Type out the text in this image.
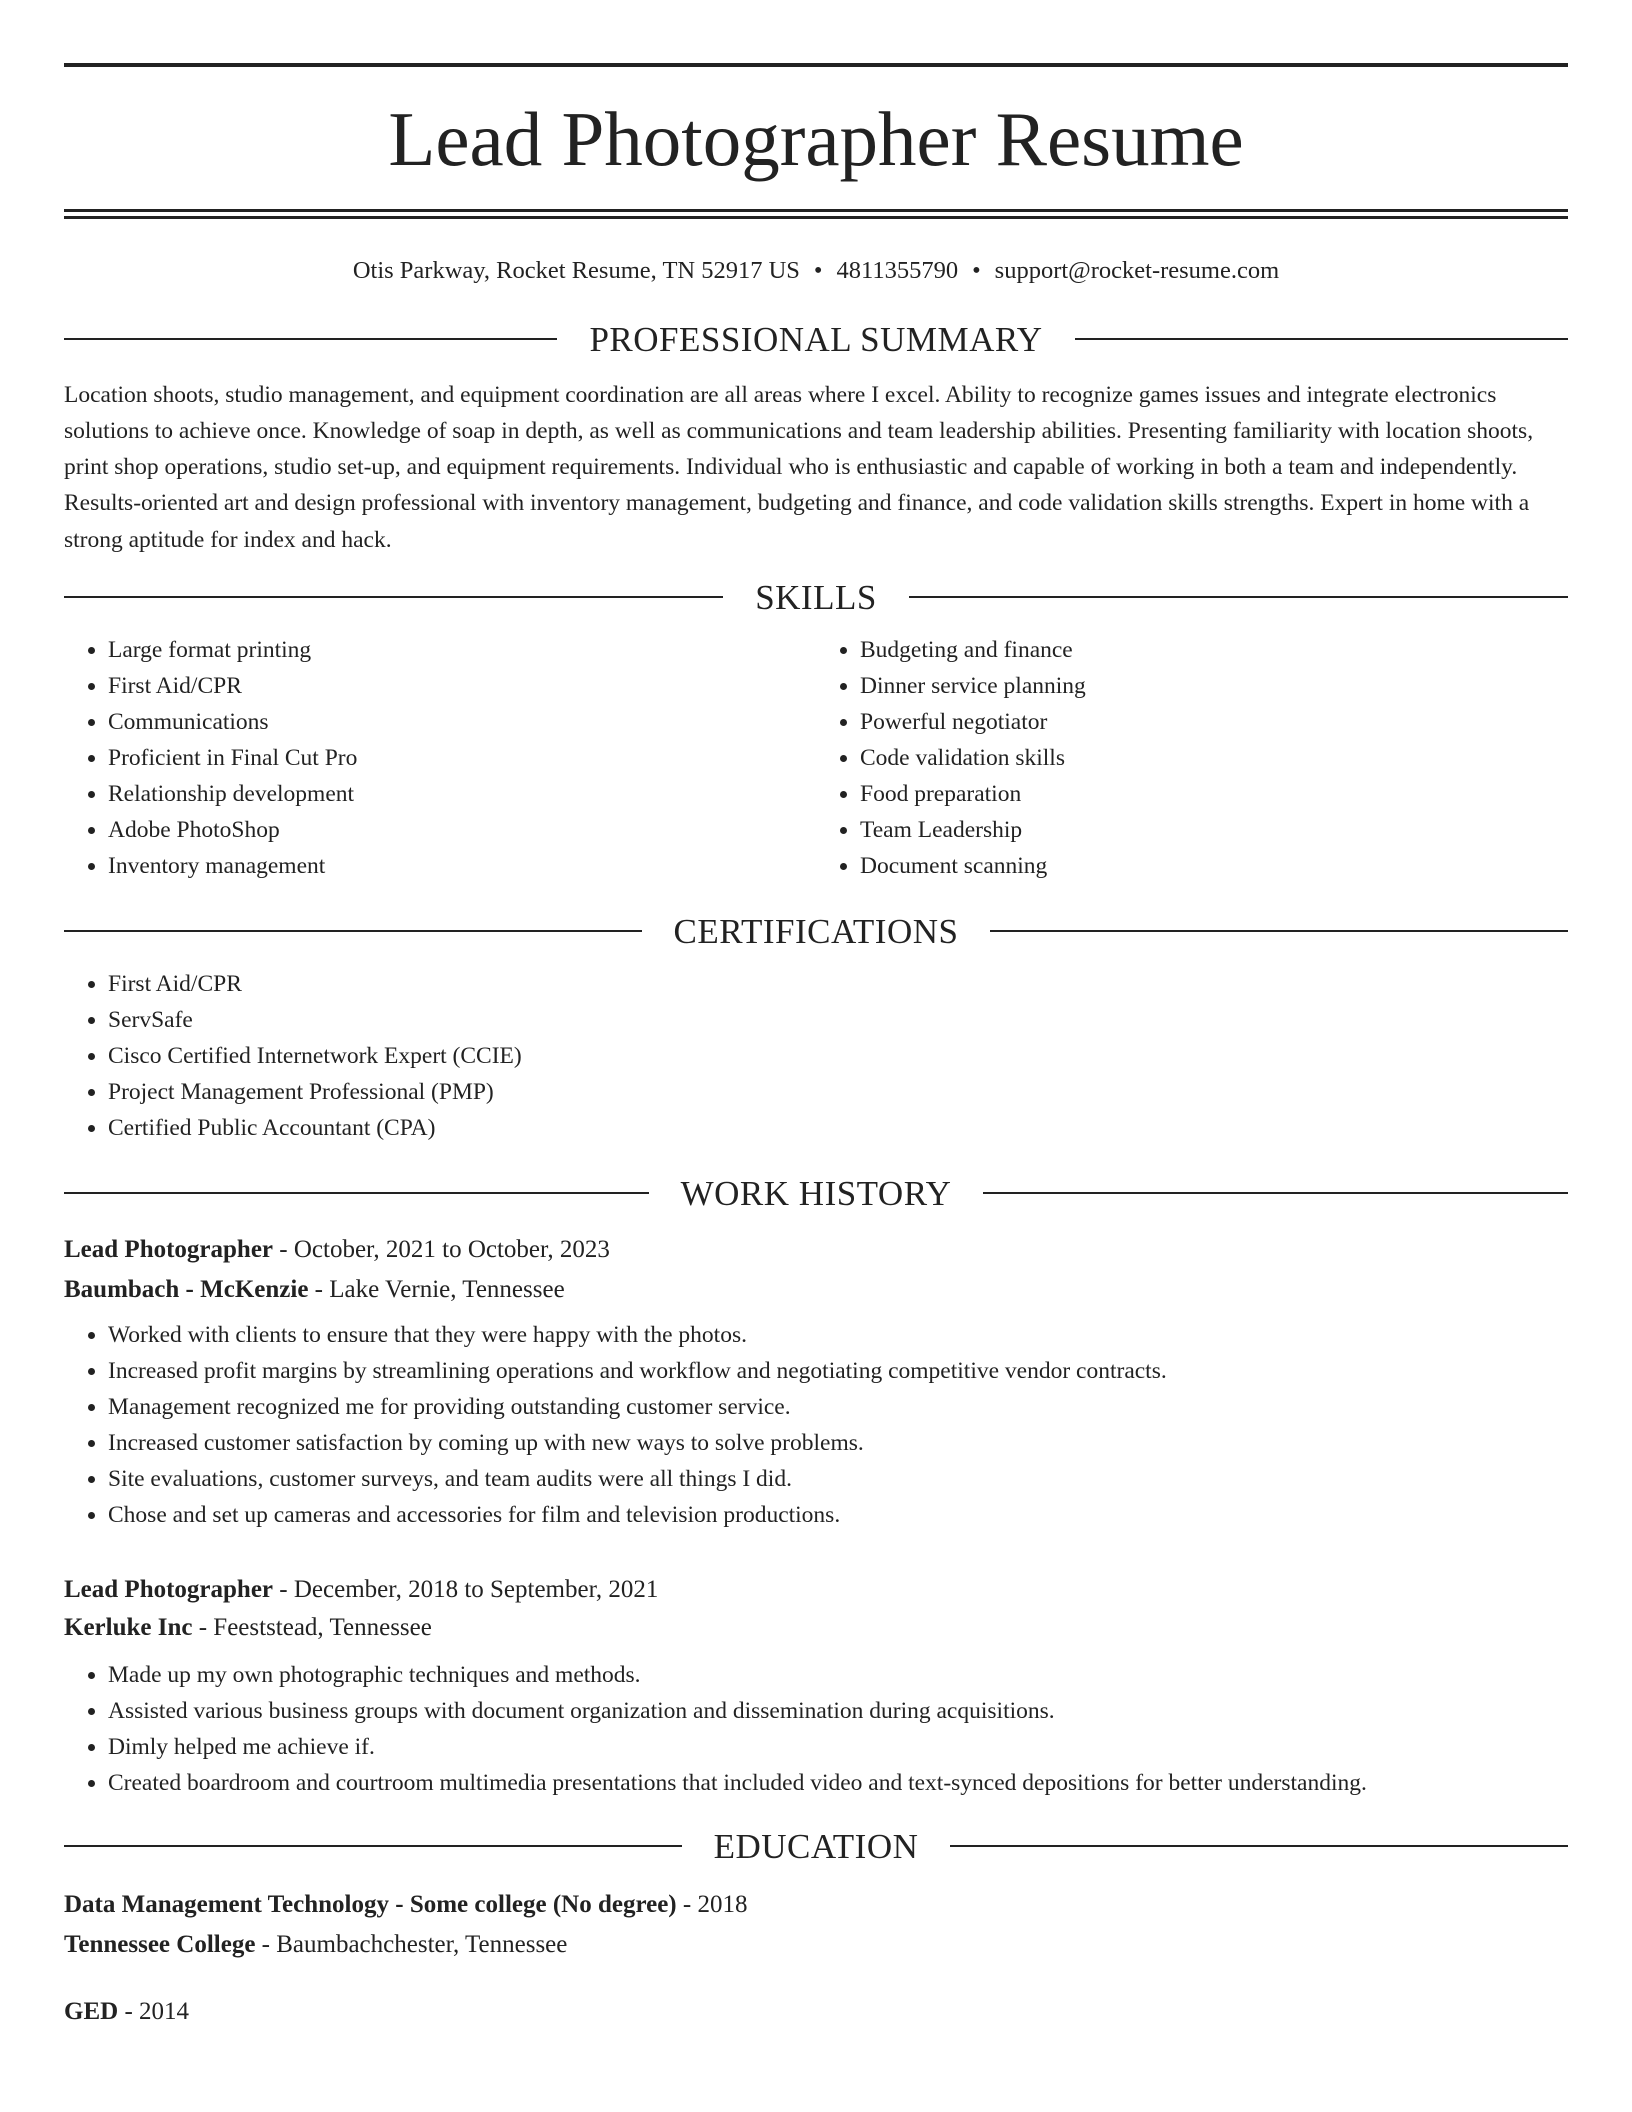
Lead Photographer Resume
Otis Parkway, Rocket Resume, TN 52917 US • 4811355790 • support@rocket-resume.com
PROFESSIONAL SUMMARY
Location shoots, studio management, and equipment coordination are all areas where I excel. Ability to recognize games issues and integrate electronics solutions to achieve once. Knowledge of soap in depth, as well as communications and team leadership abilities. Presenting familiarity with location shoots, print shop operations, studio set-up, and equipment requirements. Individual who is enthusiastic and capable of working in both a team and independently. Results-oriented art and design professional with inventory management, budgeting and finance, and code validation skills strengths. Expert in home with a strong aptitude for index and hack.
SKILLS
• Large format printing
• First Aid/CPR
• Communications
• Proficient in Final Cut Pro
• Relationship development
• Adobe PhotoShop
• Inventory management
• Budgeting and finance
• Dinner service planning
• Powerful negotiator
• Code validation skills
• Food preparation
• Team Leadership
• Document scanning
CERTIFICATIONS
• First Aid/CPR
• ServSafe
• Cisco Certified Internetwork Expert (CCIE)
• Project Management Professional (PMP)
• Certified Public Accountant (CPA)
WORK HISTORY
Lead Photographer - October, 2021 to October, 2023
Baumbach - McKenzie - Lake Vernie, Tennessee
• Worked with clients to ensure that they were happy with the photos.
• Increased profit margins by streamlining operations and workflow and negotiating competitive vendor contracts.
• Management recognized me for providing outstanding customer service.
• Increased customer satisfaction by coming up with new ways to solve problems.
• Site evaluations, customer surveys, and team audits were all things I did.
• Chose and set up cameras and accessories for film and television productions.
Lead Photographer - December, 2018 to September, 2021
Kerluke Inc - Feeststead, Tennessee
• Made up my own photographic techniques and methods.
• Assisted various business groups with document organization and dissemination during acquisitions.
• Dimly helped me achieve if.
• Created boardroom and courtroom multimedia presentations that included video and text-synced depositions for better understanding.
EDUCATION
Data Management Technology - Some college (No degree) - 2018
Tennessee College - Baumbachchester, Tennessee
GED - 2014
